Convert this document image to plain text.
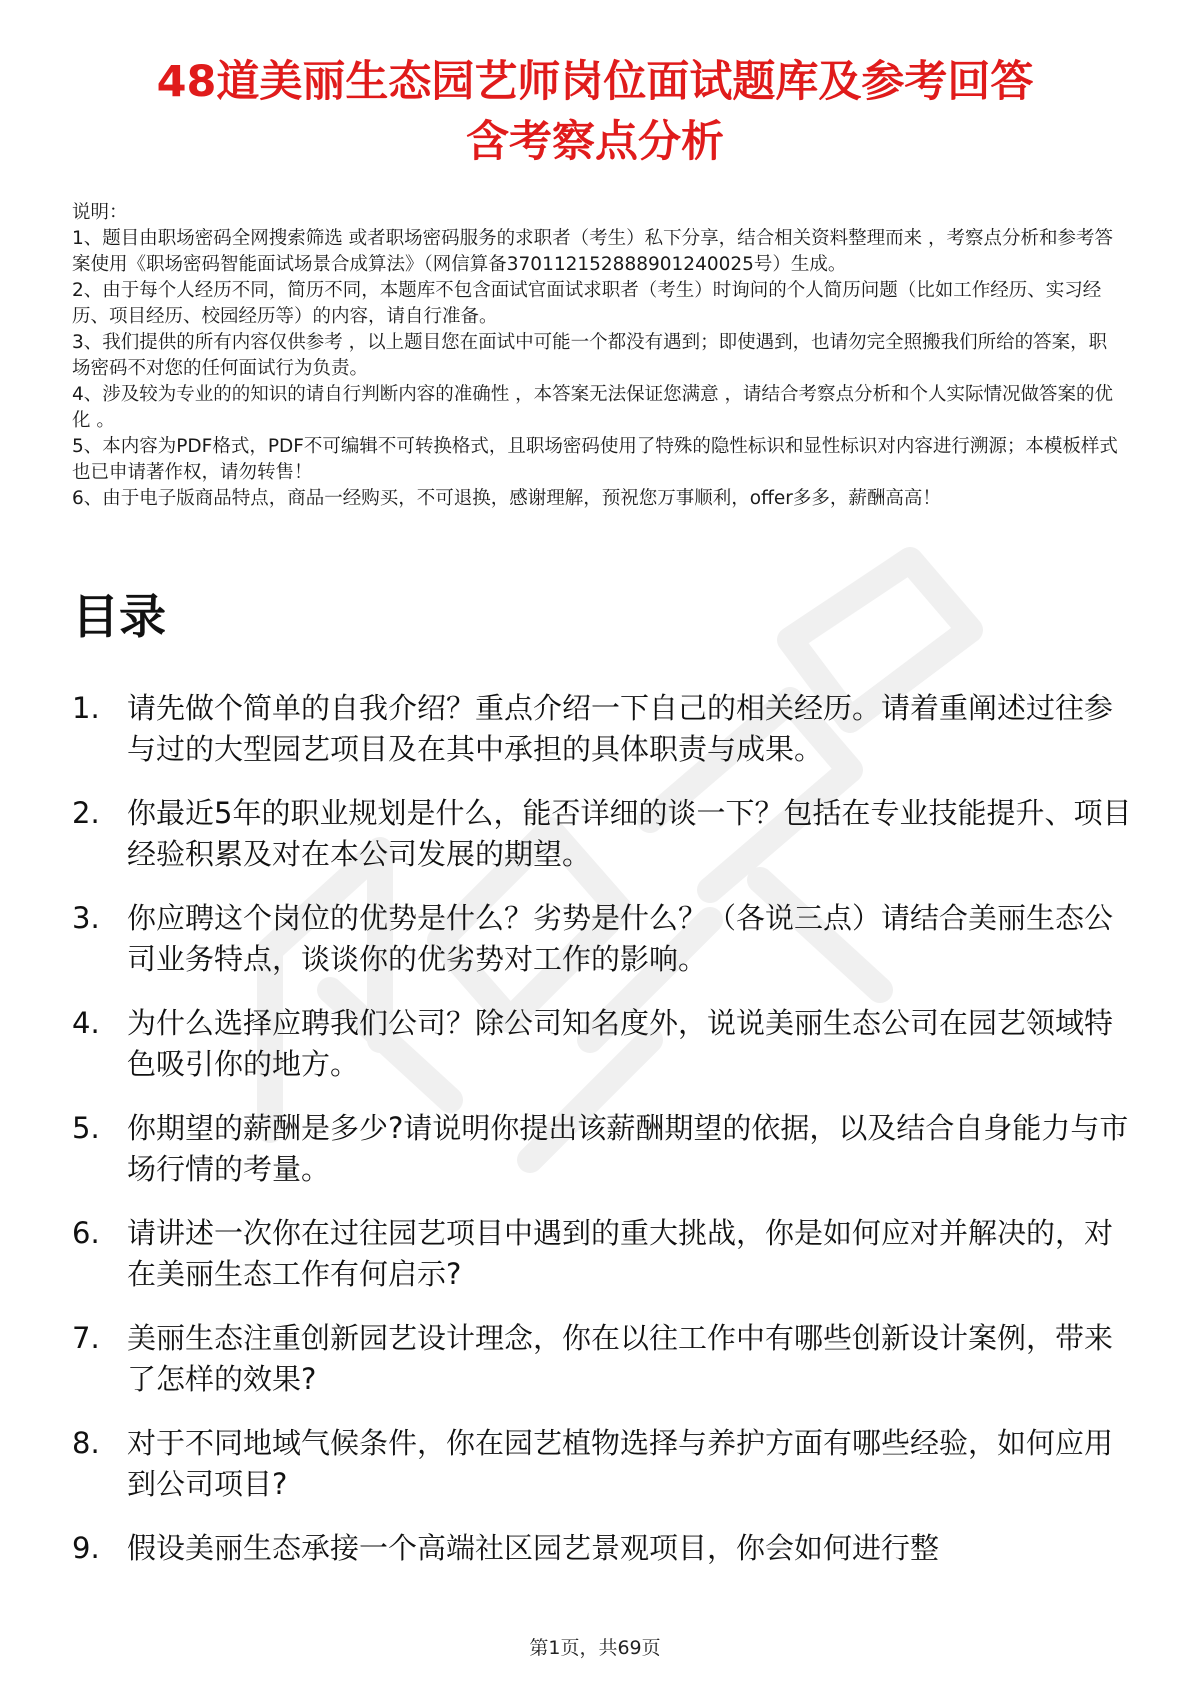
48道美丽生态园艺师岗位面试题库及参考回答
含考察点分析

说明：

1、题目由职场密码全网搜索筛选 或者职场密码服务的求职者（考生）私下分享，结合相关资料整理而来 ，考察点分析和参考答案使用《职场密码智能面试场景合成算法》（网信算备370112152888901240025号）生成。

2、由于每个人经历不同，简历不同，本题库不包含面试官面试求职者（考生）时询问的个人简历问题（比如工作经历、实习经历、项目经历、校园经历等）的内容，请自行准备。

3、我们提供的所有内容仅供参考 ，以上题目您在面试中可能一个都没有遇到；即使遇到，也请勿完全照搬我们所给的答案，职场密码不对您的任何面试行为负责。

4、涉及较为专业的的知识的请自行判断内容的准确性 ，本答案无法保证您满意 ，请结合考察点分析和个人实际情况做答案的优化 。

5、本内容为PDF格式，PDF不可编辑不可转换格式，且职场密码使用了特殊的隐性标识和显性标识对内容进行溯源；本模板样式也已申请著作权，请勿转售！

6、由于电子版商品特点，商品一经购买，不可退换，感谢理解，预祝您万事顺利，offer多多，薪酬高高！

目录
1. 请先做个简单的自我介绍？重点介绍一下自己的相关经历。请着重阐述过往参与过的大型园艺项目及在其中承担的具体职责与成果。
2. 你最近5年的职业规划是什么，能否详细的谈一下？包括在专业技能提升、项目经验积累及对在本公司发展的期望。
3. 你应聘这个岗位的优势是什么？劣势是什么？（各说三点）请结合美丽生态公司业务特点，谈谈你的优劣势对工作的影响。
4. 为什么选择应聘我们公司？除公司知名度外，说说美丽生态公司在园艺领域特色吸引你的地方。
5. 你期望的薪酬是多少?请说明你提出该薪酬期望的依据，以及结合自身能力与市场行情的考量。
6. 请讲述一次你在过往园艺项目中遇到的重大挑战，你是如何应对并解决的，对在美丽生态工作有何启示?
7. 美丽生态注重创新园艺设计理念，你在以往工作中有哪些创新设计案例，带来了怎样的效果?
8. 对于不同地域气候条件，你在园艺植物选择与养护方面有哪些经验，如何应用到公司项目?
9. 假设美丽生态承接一个高端社区园艺景观项目，你会如何进行整
第1页，共69页
